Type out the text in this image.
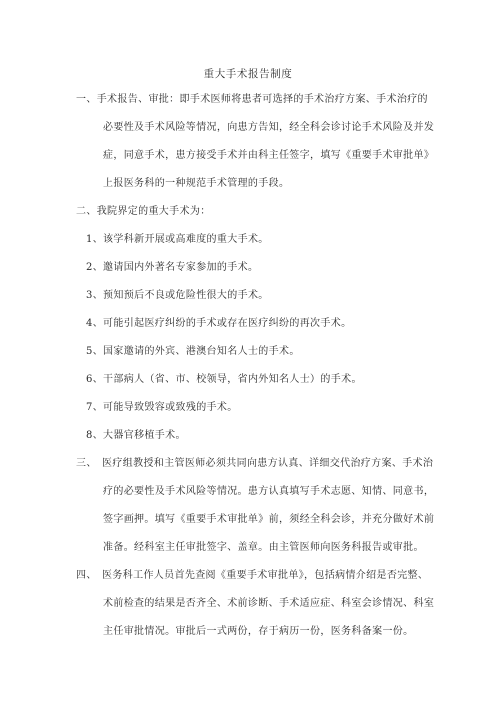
重大手术报告制度
一、手术报告、审批：即手术医师将患者可选择的手术治疗方案、手术治疗的
必要性及手术风险等情况，向患方告知，经全科会诊讨论手术风险及并发
症，同意手术，患方接受手术并由科主任签字，填写《重要手术审批单》
上报医务科的一种规范手术管理的手段。
二、我院界定的重大手术为：
1、该学科新开展或高难度的重大手术。
2、邀请国内外著名专家参加的手术。
3、预知预后不良或危险性很大的手术。
4、可能引起医疗纠纷的手术或存在医疗纠纷的再次手术。
5、国家邀请的外宾、港澳台知名人士的手术。
6、干部病人（省、市、校领导，省内外知名人士）的手术。
7、可能导致毁容或致残的手术。
8、大器官移植手术。
三、　医疗组教授和主管医师必须共同向患方认真、详细交代治疗方案、手术治
疗的必要性及手术风险等情况。患方认真填写手术志愿、知情、同意书，
签字画押。填写《重要手术审批单》前，须经全科会诊，并充分做好术前
准备。经科室主任审批签字、盖章。由主管医师向医务科报告或审批。
四、　医务科工作人员首先查阅《重要手术审批单》，包括病情介绍是否完整、
术前检查的结果是否齐全、术前诊断、手术适应症、科室会诊情况、科室
主任审批情况。审批后一式两份，存于病历一份，医务科备案一份。
